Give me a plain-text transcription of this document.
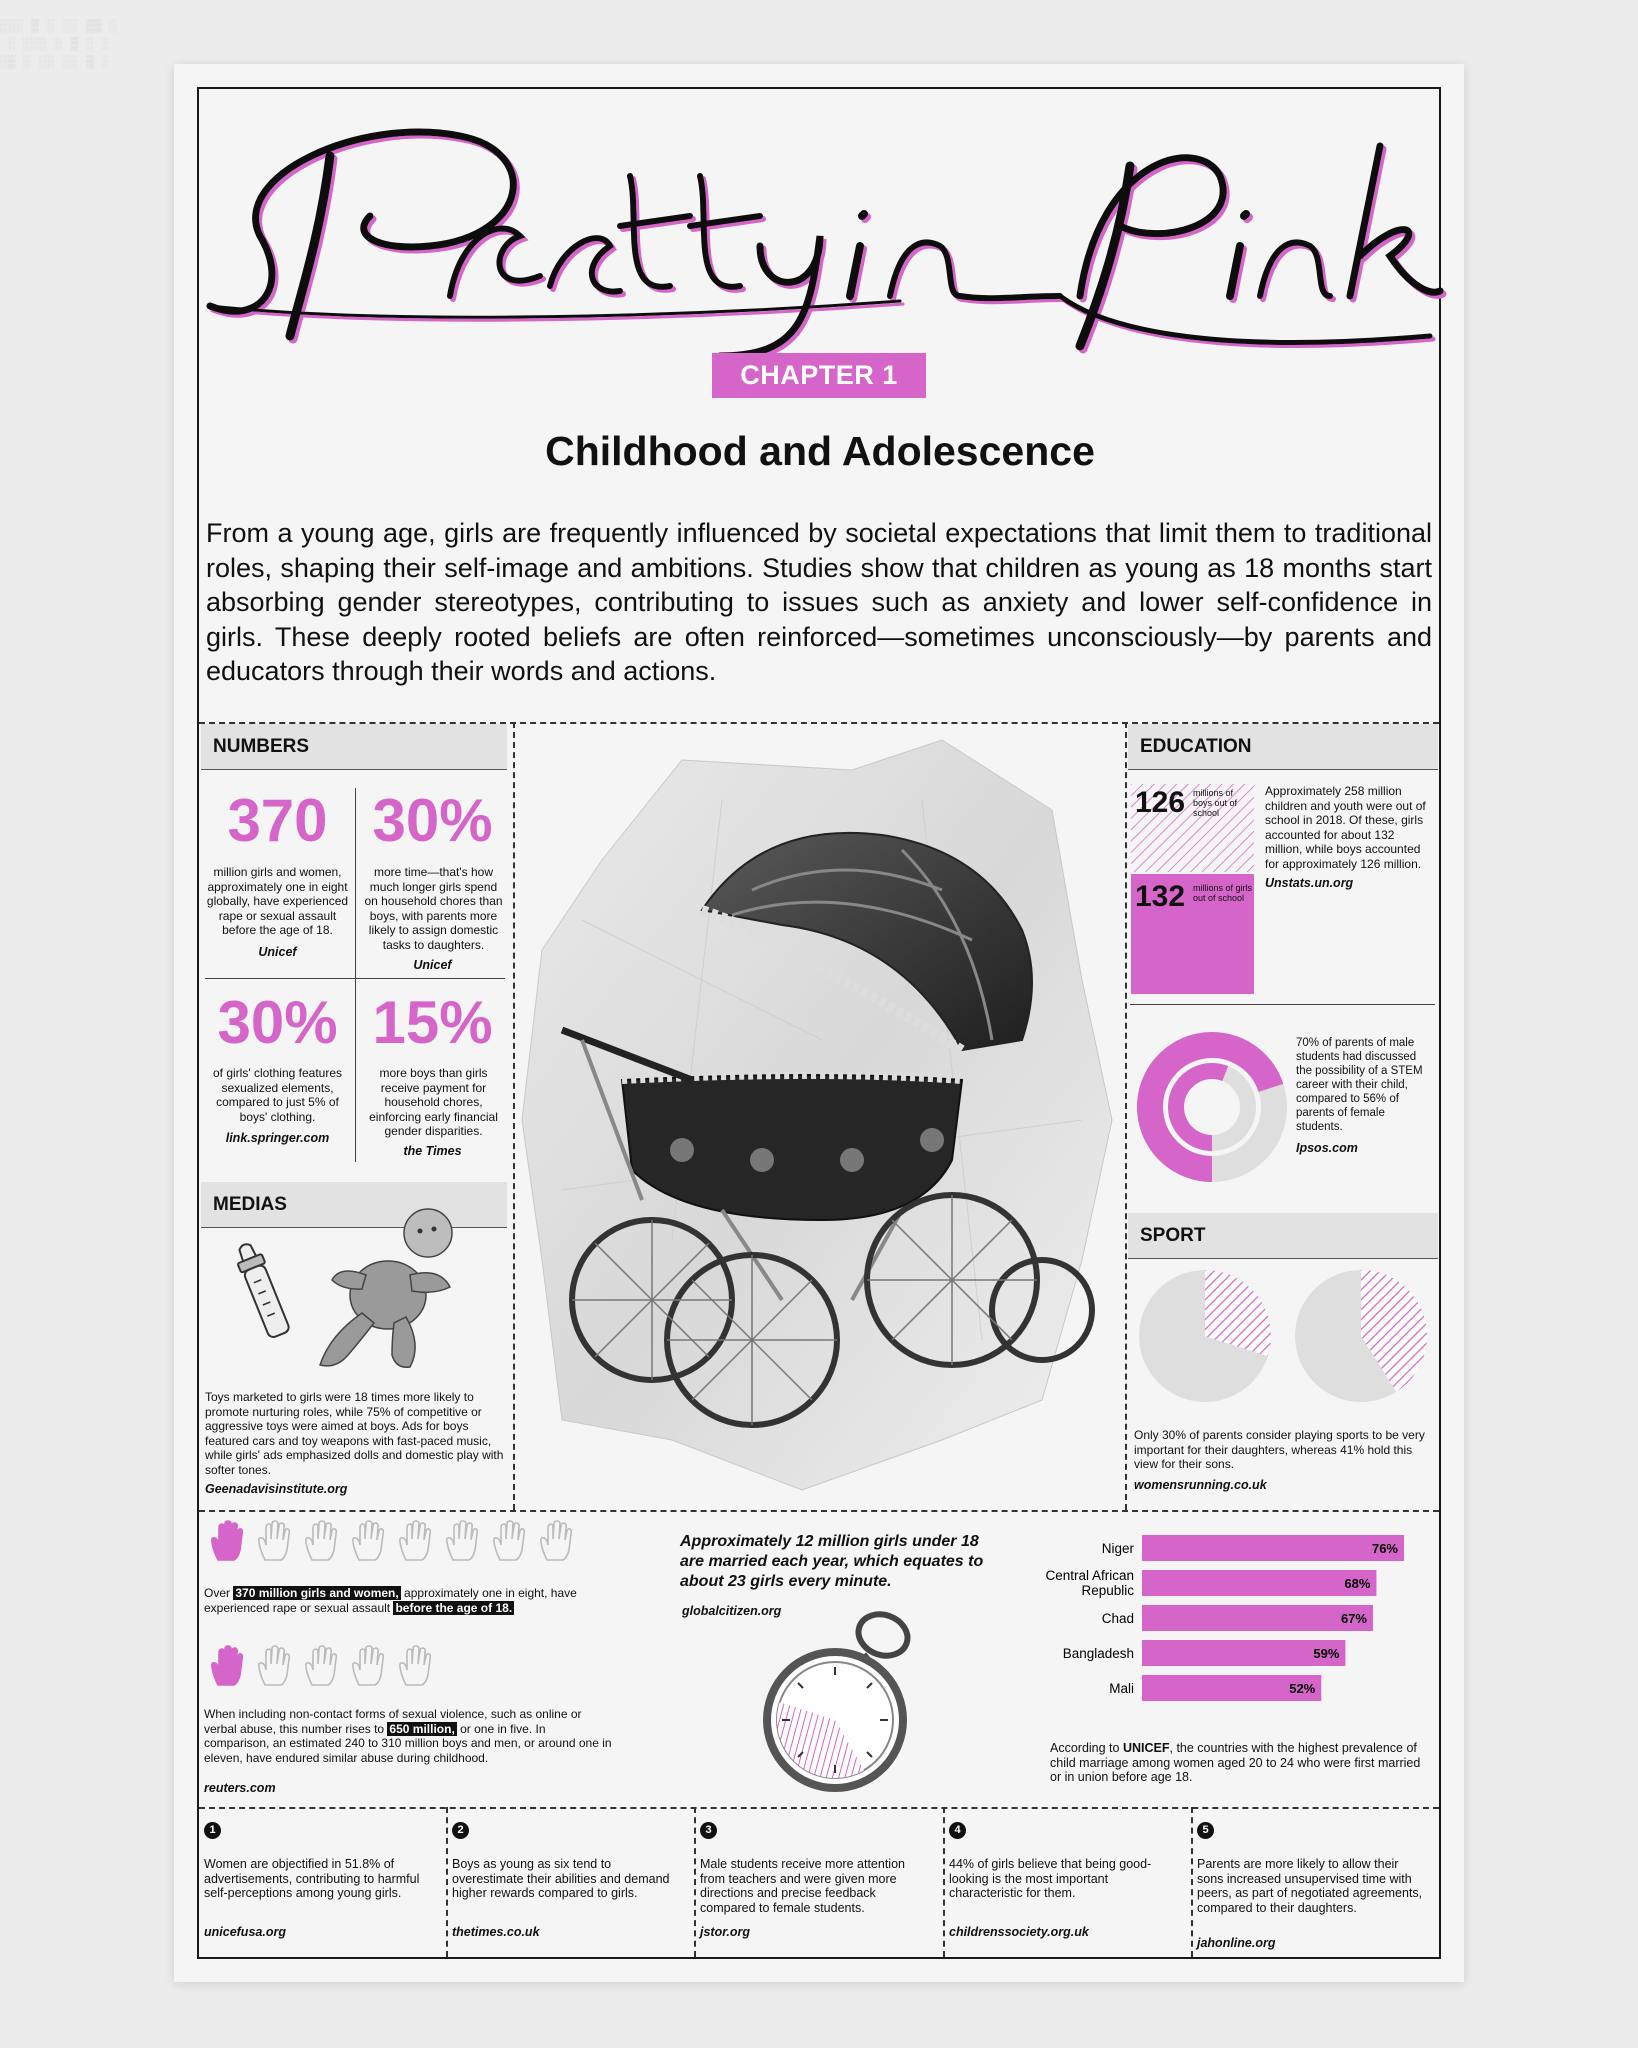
░░░ ▒ ░ ░░ ▒▒ ░
░ ░░░ ░ ▒ ░ ░
░▒ ░ ░░ ░░ ▒ ░

CHAPTER 1
Childhood and Adolescence
From a young age, girls are frequently influenced by societal expectations that limit them to traditional roles, shaping their self-image and ambitions. Studies show that children as young as 18 months start absorbing gender stereotypes, contributing to issues such as anxiety and lower self-confidence in girls. These deeply rooted beliefs are often reinforced—sometimes unconsciously—by parents and educators through their words and actions.
NUMBERS
370
million girls and women, approximately one in eight globally, have experienced rape or sexual assault before the age of 18.
Unicef
30%
more time—that's how much longer girls spend on household chores than boys, with parents more likely to assign domestic tasks to daughters.
Unicef
30%
of girls' clothing features sexualized elements, compared to just 5% of boys' clothing.
link.springer.com
15%
more boys than girls receive payment for household chores, einforcing early financial gender disparities.
the Times
MEDIAS
Toys marketed to girls were 18 times more likely to promote nurturing roles, while 75% of competitive or aggressive toys were aimed at boys. Ads for boys featured cars and toy weapons with fast-paced music, while girls' ads emphasized dolls and domestic play with softer tones.
Geenadavisinstitute.org
EDUCATION
126 millions of boys out of school
132 millions of girls out of school
Approximately 258 million children and youth were out of school in 2018. Of these, girls accounted for about 132 million, while boys accounted for approximately 126 million.
Unstats.un.org
70% of parents of male students had discussed the possibility of a STEM career with their child, compared to 56% of parents of female students.
Ipsos.com
SPORT
Only 30% of parents consider playing sports to be very important for their daughters, whereas 41% hold this view for their sons.
womensrunning.co.uk
Over 370 million girls and women, approximately one in eight, have experienced rape or sexual assault before the age of 18.
When including non-contact forms of sexual violence, such as online or verbal abuse, this number rises to 650 million, or one in five. In comparison, an estimated 240 to 310 million boys and men, or around one in eleven, have endured similar abuse during childhood.
reuters.com
Approximately 12 million girls under 18 are married each year, which equates to about 23 girls every minute.
globalcitizen.org
76%
Niger
68%
Central African
Republic
67%
Chad
59%
Bangladesh
52%
Mali
According to UNICEF, the countries with the highest prevalence of child marriage among women aged 20 to 24 who were first married or in union before age 18.
1
Women are objectified in 51.8% of advertisements, contributing to harmful self-perceptions among young girls.
unicefusa.org
2
Boys as young as six tend to overestimate their abilities and demand higher rewards compared to girls.
thetimes.co.uk
3
Male students receive more attention from teachers and were given more directions and precise feedback compared to female students.
jstor.org
4
44% of girls believe that being good-looking is the most important characteristic for them.
childrenssociety.org.uk
5
Parents are more likely to allow their sons increased unsupervised time with peers, as part of negotiated agreements, compared to their daughters.
jahonline.org
